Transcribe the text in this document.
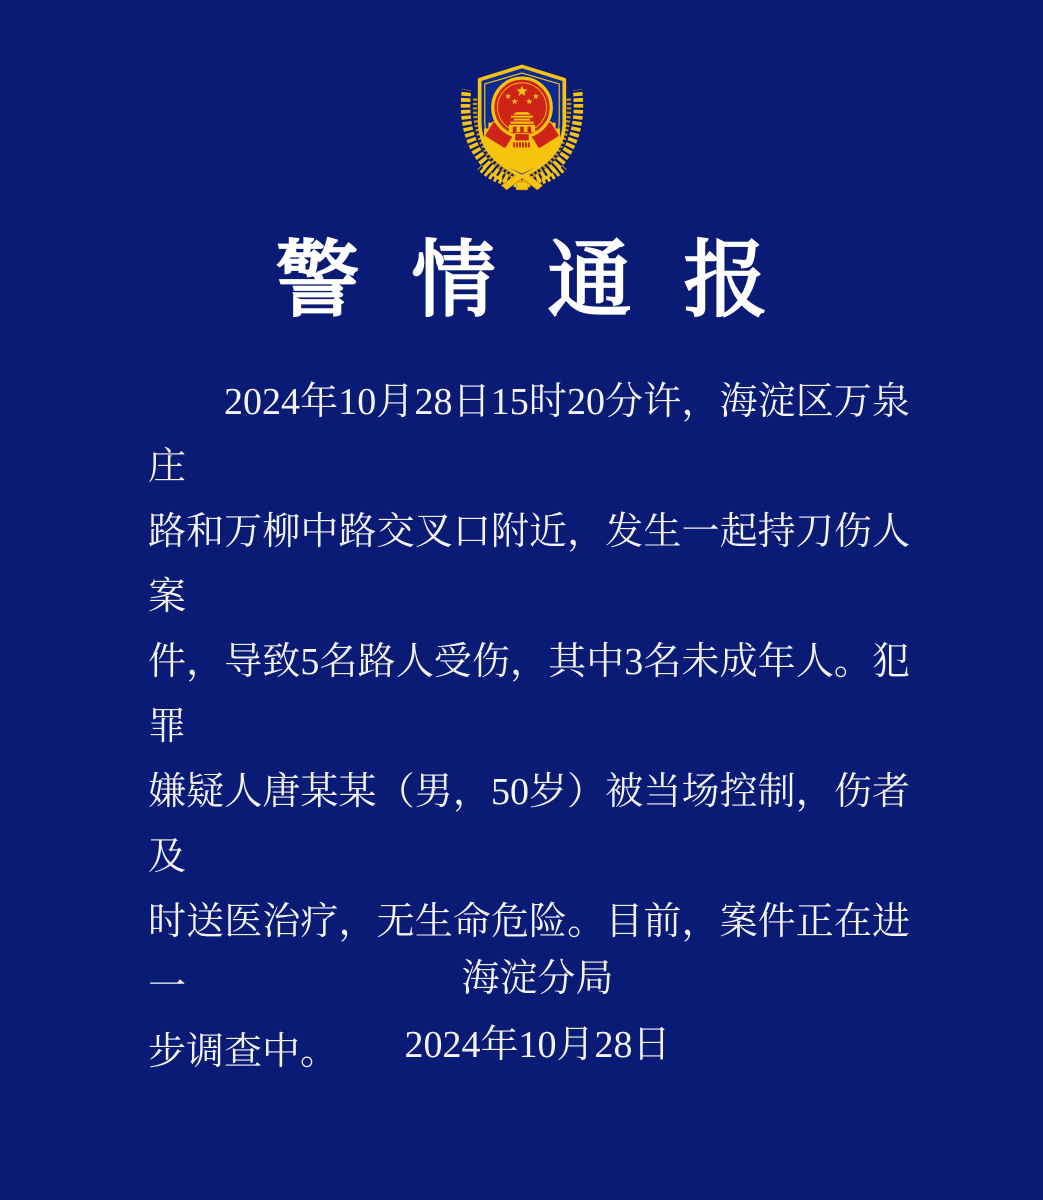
警情通报

2024年10月28日15时20分许，海淀区万泉庄

路和万柳中路交叉口附近，发生一起持刀伤人案

件，导致5名路人受伤，其中3名未成年人。犯罪

嫌疑人唐某某（男，50岁）被当场控制，伤者及

时送医治疗，无生命危险。目前，案件正在进一

步调查中。

海淀分局

2024年10月28日
